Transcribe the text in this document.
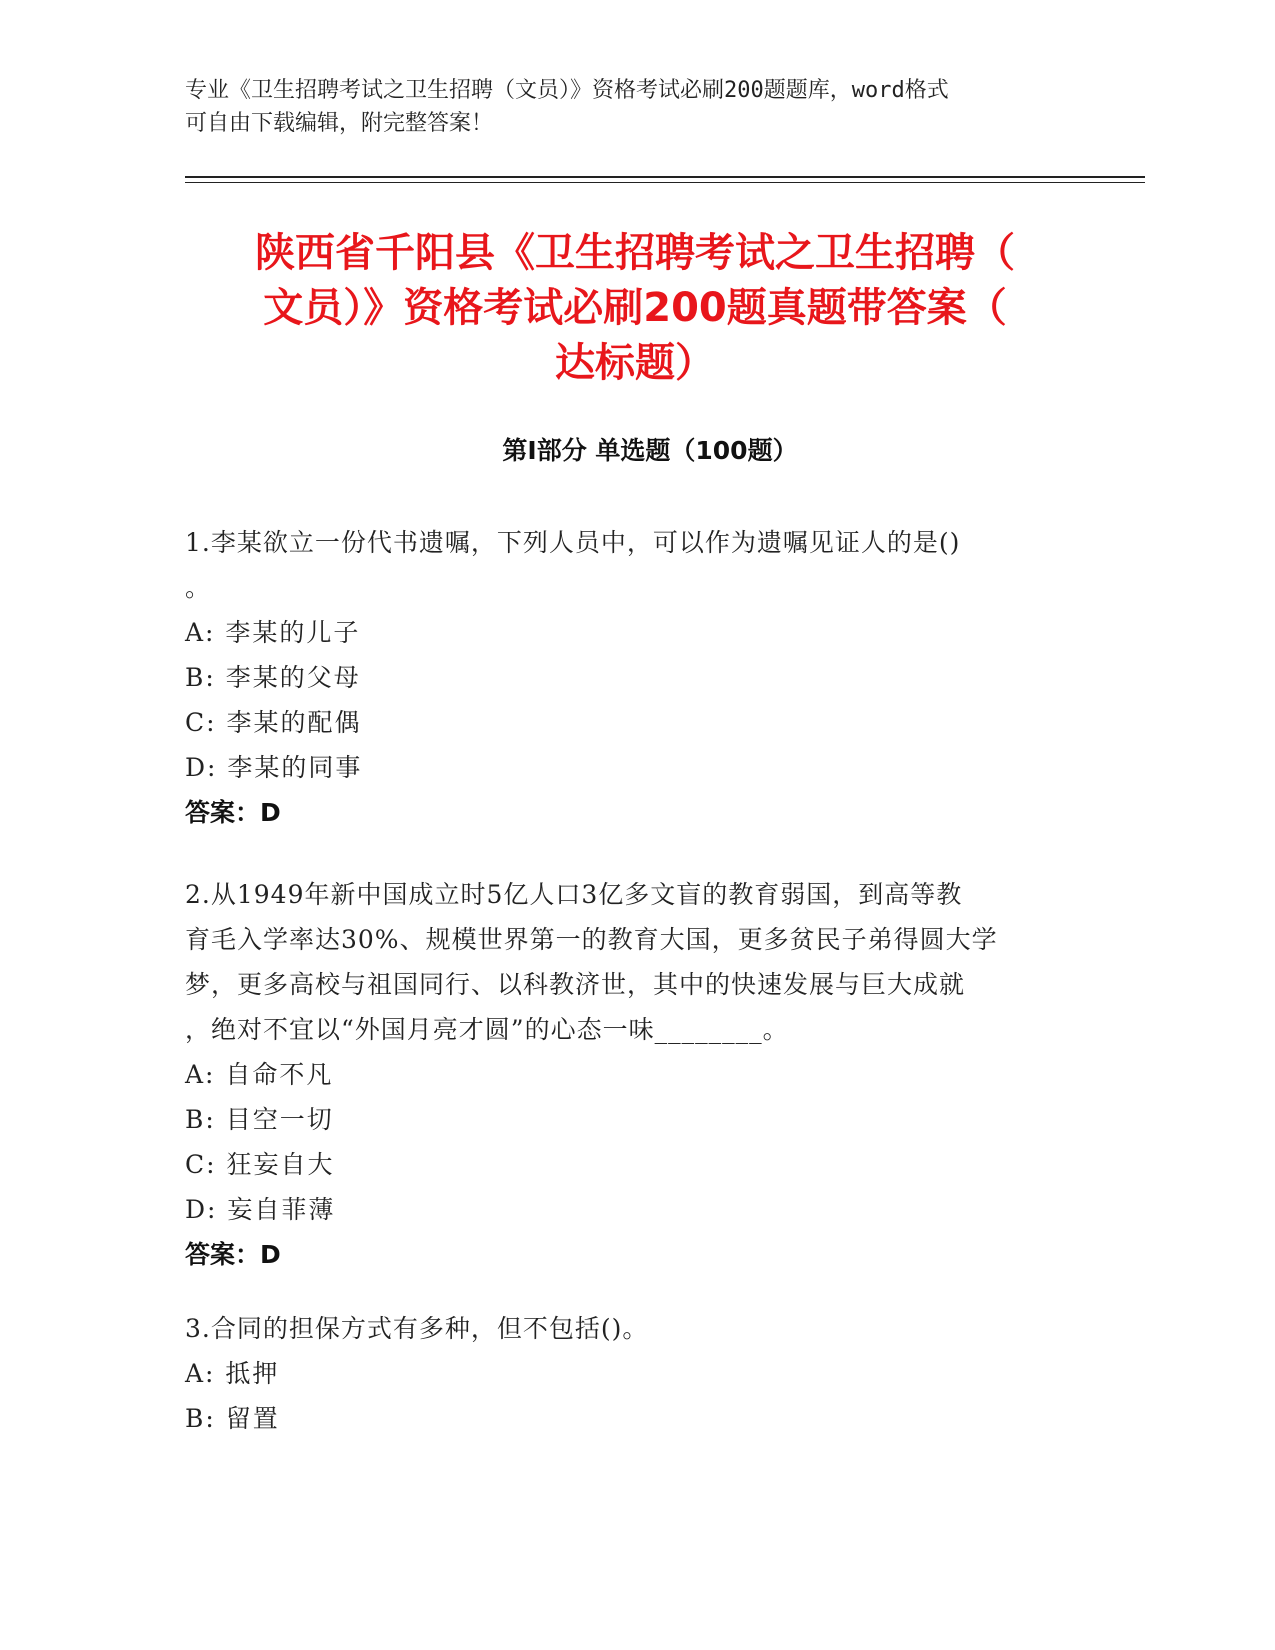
专业《卫生招聘考试之卫生招聘（文员）》资格考试必刷200题题库，word格式
可自由下载编辑，附完整答案！
陕西省千阳县《卫生招聘考试之卫生招聘（
文员）》资格考试必刷200题真题带答案（
达标题）
第Ⅰ部分 单选题（100题）
1.李某欲立一份代书遗嘱，下列人员中，可以作为遗嘱见证人的是()
。
A: 李某的儿子
B: 李某的父母
C: 李某的配偶
D: 李某的同事
答案：D
2.从1949年新中国成立时5亿人口3亿多文盲的教育弱国，到高等教
育毛入学率达30%、规模世界第一的教育大国，更多贫民子弟得圆大学
梦，更多高校与祖国同行、以科教济世，其中的快速发展与巨大成就
，绝对不宜以“外国月亮才圆”的心态一味________。
A: 自命不凡
B: 目空一切
C: 狂妄自大
D: 妄自菲薄
答案：D
3.合同的担保方式有多种，但不包括()。
A: 抵押
B: 留置
